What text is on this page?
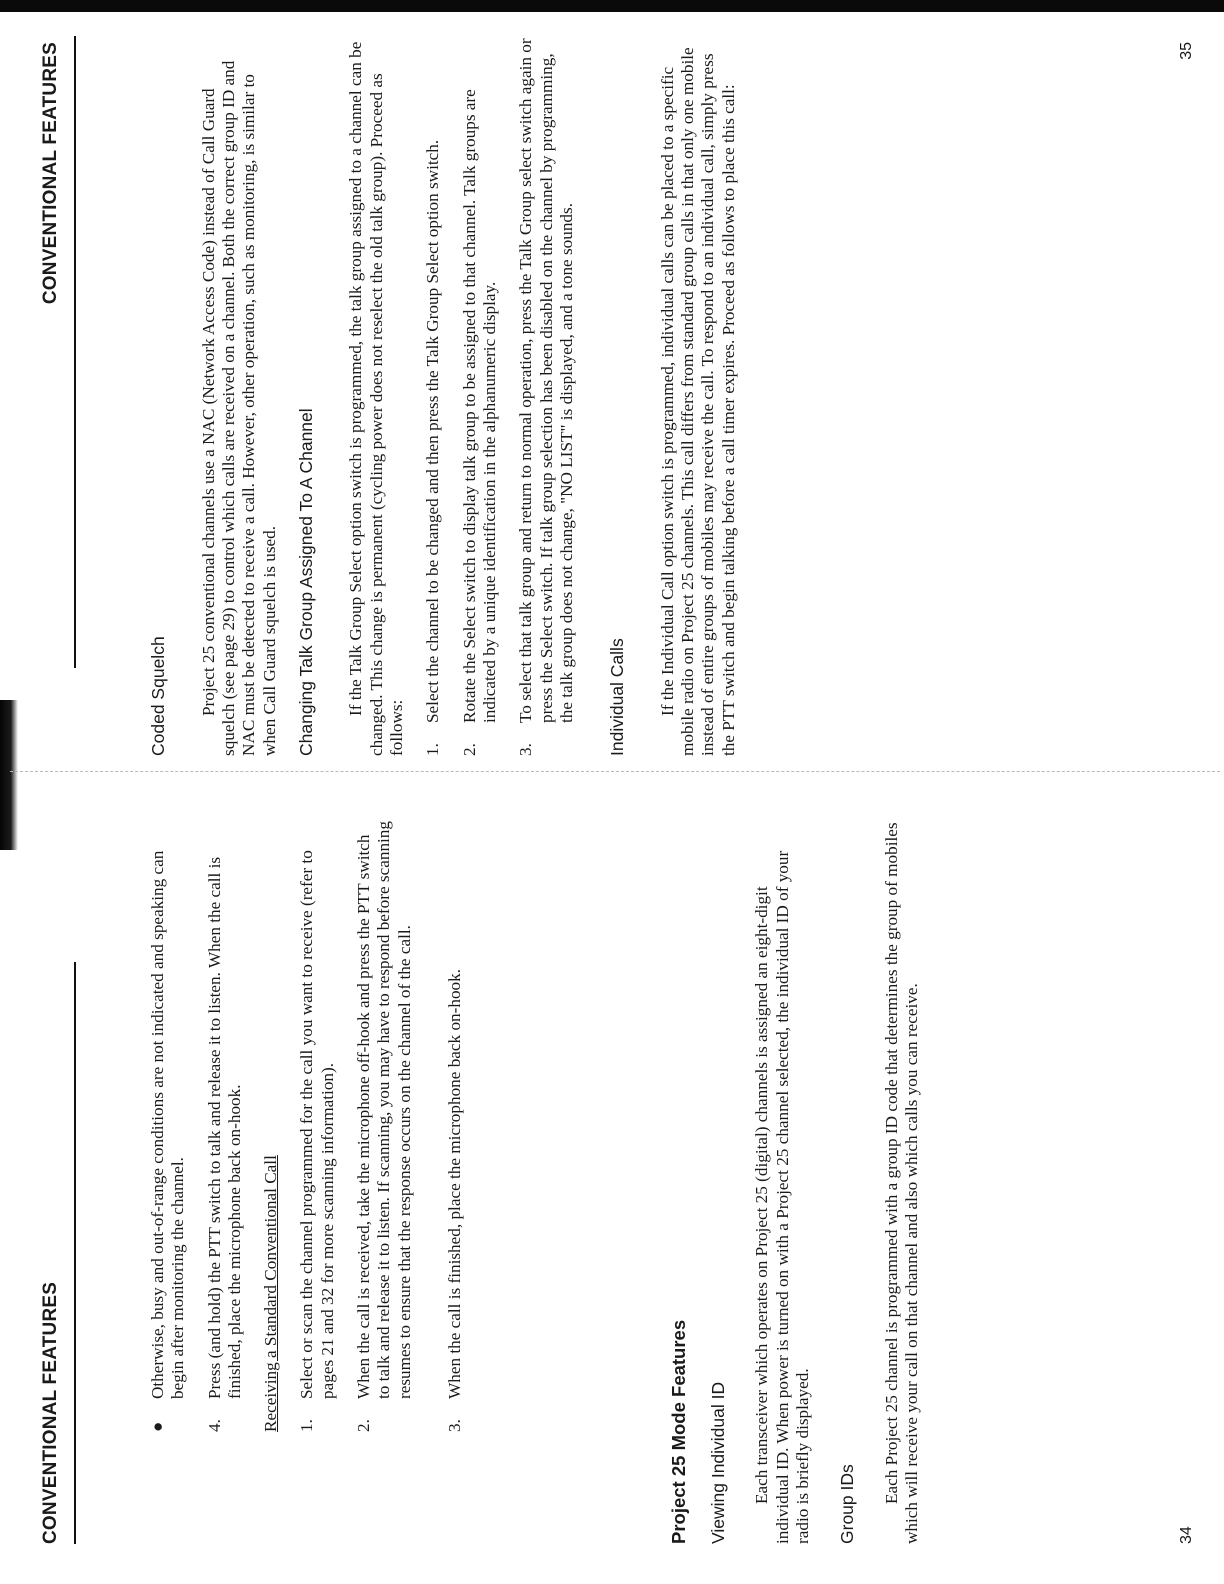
CONVENTIONAL FEATURES	●
Otherwise, busy and out-of-range conditions are not indicated and speaking can begin after monitoring the channel.

4.
Press (and hold) the PTT switch to talk and release it to listen. When the call is finished, place the microphone back on-hook. Receiving a Standard Conventional Call 1.
Select or scan the channel programmed for the call you want to receive (refer to pages 21 and 32 for more scanning information).

2.
When the call is received, take the microphone off-hook and press the PTT switch to talk and release it to listen. If scanning, you may have to respond before scanning resumes to ensure that the response occurs on the channel of the call.

3.
When the call is finished, place the microphone back on-hook.

Project 25 Mode Features Viewing Individual ID Each transceiver which operates on Project 25 (digital) channels is assigned an eight-digit individual ID. When power is turned on with a Project 25 channel selected, the individual ID of your radio is briefly displayed. Group IDs

Each Project 25 channel is programmed with a group ID code that determines the group of mobiles which will receive your call on that channel and also which calls you can receive.	34
CONVENTIONAL FEATURES

Coded Squelch Project 25 conventional channels use a NAC (Network Access Code) instead of Call Guard squelch (see page 29) to control which calls are received on a channel. Both the correct group ID and NAC must be detected to receive a call. However, other operation, such as monitoring, is similar to when Call Guard squelch is used. Changing Talk Group Assigned To A Channel If the Talk Group Select option switch is programmed, the talk group assigned to a channel can be changed. This change is permanent (cycling power does not reselect the old talk group). Proceed as follows: 1.
Select the channel to be changed and then press the Talk Group Select option switch.

2.
Rotate the Select switch to display talk group to be assigned to that channel. Talk groups are indicated by a unique identification in the alphanumeric display.

3.
To select that talk group and return to normal operation, press the Talk Group select switch again or press the Select switch. If talk group selection has been disabled on the channel by programming, the talk group does not change, "NO LIST" is displayed, and a tone sounds. Individual Calls If the Individual Call option switch is programmed, individual calls can be placed to a specific mobile radio on Project 25 channels. This call differs from standard group calls in that only one mobile instead of entire groups of mobiles may receive the call. To respond to an individual call, simply press the PTT switch and begin talking before a call timer expires. Proceed as follows to place this call:

35
